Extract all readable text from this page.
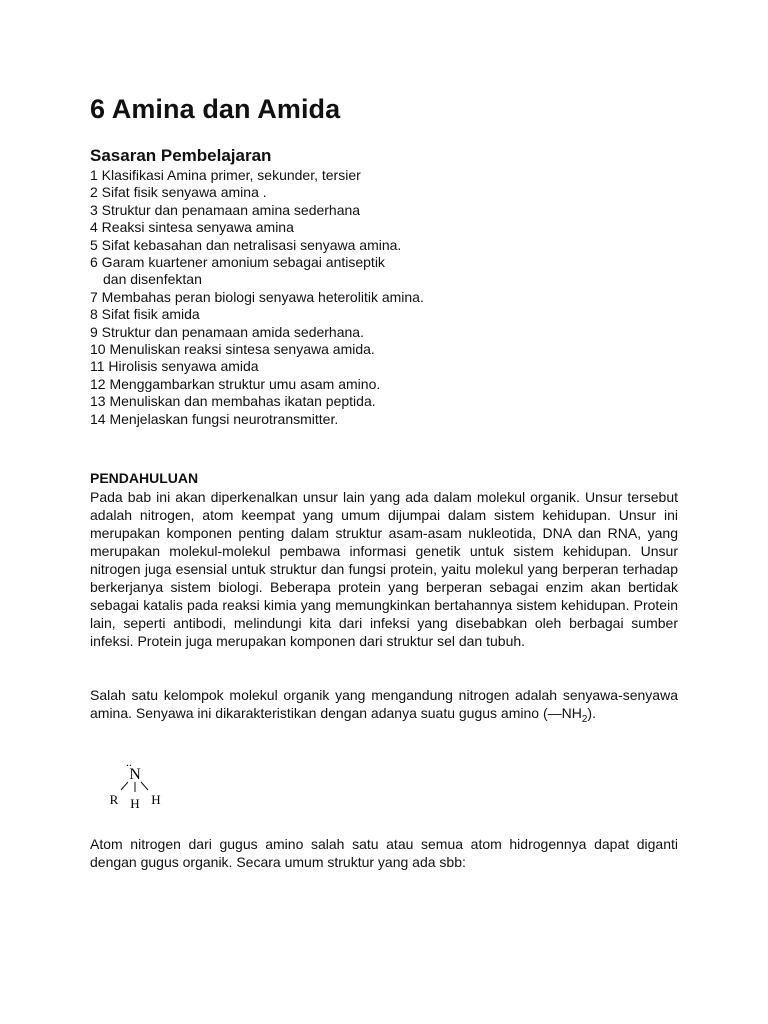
6 Amina dan Amida
Sasaran Pembelajaran
1 Klasifikasi Amina primer, sekunder, tersier
2 Sifat fisik senyawa amina .
3 Struktur dan penamaan amina sederhana
4 Reaksi sintesa senyawa amina
5 Sifat kebasahan dan netralisasi senyawa amina.
6 Garam kuartener amonium sebagai antiseptik
dan disenfektan
7 Membahas peran biologi senyawa heterolitik amina.
8 Sifat fisik amida
9 Struktur dan penamaan amida sederhana.
10 Menuliskan reaksi sintesa senyawa amida.
11 Hirolisis senyawa amida
12 Menggambarkan struktur umu asam amino.
13 Menuliskan dan membahas ikatan peptida.
14 Menjelaskan fungsi neurotransmitter.
PENDAHULUAN

Pada bab ini akan diperkenalkan unsur lain yang ada dalam molekul organik. Unsur tersebut adalah nitrogen, atom keempat yang umum dijumpai dalam sistem kehidupan. Unsur ini merupakan komponen penting dalam struktur asam-asam nukleotida, DNA dan RNA, yang merupakan molekul-molekul pembawa informasi genetik untuk sistem kehidupan. Unsur nitrogen juga esensial untuk struktur dan fungsi protein, yaitu molekul yang berperan terhadap berkerjanya sistem biologi. Beberapa protein yang berperan sebagai enzim akan bertidak sebagai katalis pada reaksi kimia yang memungkinkan bertahannya sistem kehidupan. Protein lain, seperti antibodi, melindungi kita dari infeksi yang disebabkan oleh berbagai sumber infeksi. Protein juga merupakan komponen dari struktur sel dan tubuh.

Salah satu kelompok molekul organik yang mengandung nitrogen adalah senyawa-senyawa amina. Senyawa ini dikarakteristikan dengan adanya suatu gugus amino $(—NH_2)$.

..
N
R H H

Atom nitrogen dari gugus amino salah satu atau semua atom hidrogennya dapat diganti dengan gugus organik. Secara umum struktur yang ada sbb:
